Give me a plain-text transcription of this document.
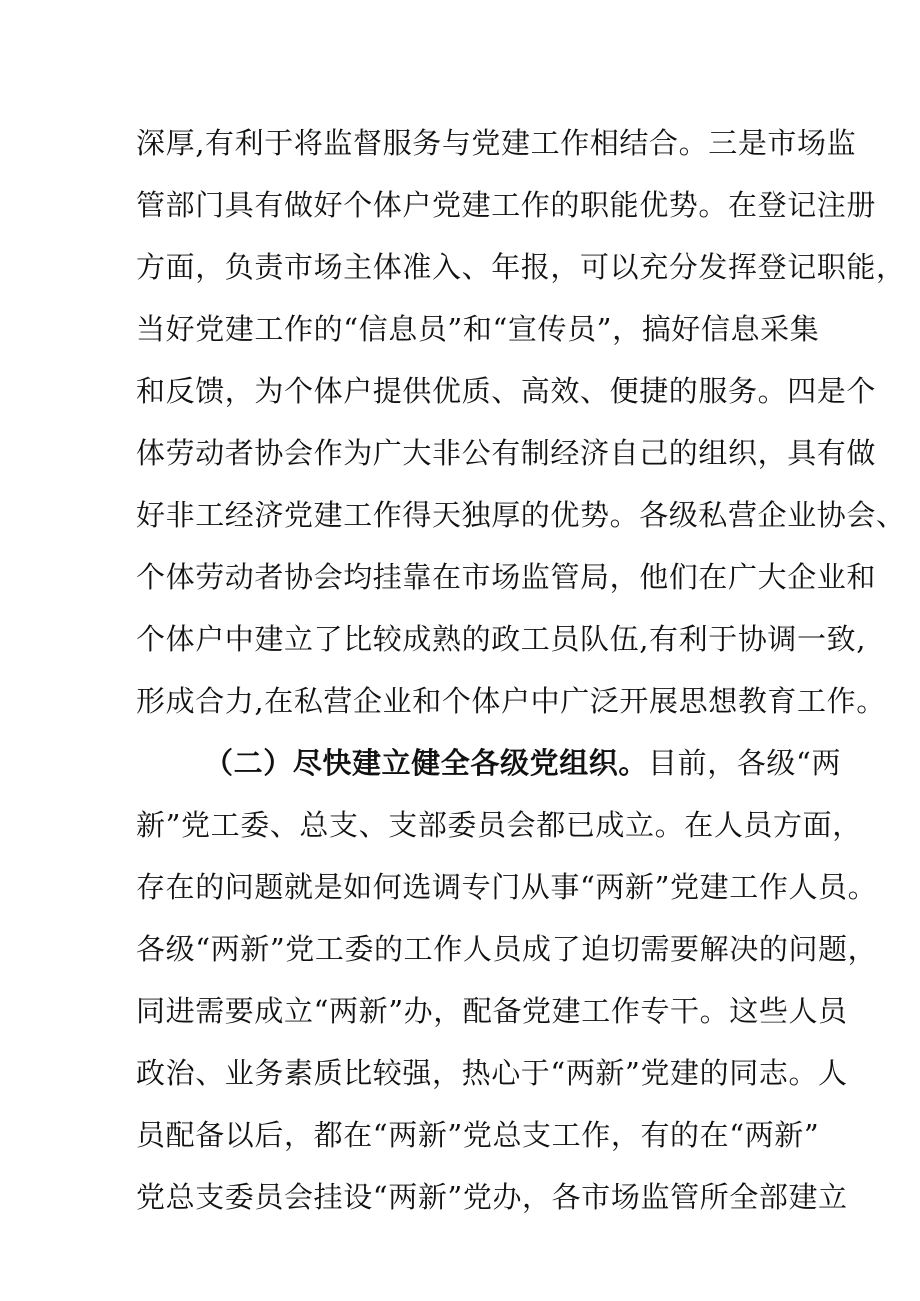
深厚,有利于将监督服务与党建工作相结合。三是市场监
管部门具有做好个体户党建工作的职能优势。在登记注册
方面，负责市场主体准入、年报，可以充分发挥登记职能，
当好党建工作的“信息员”和“宣传员”，搞好信息采集
和反馈，为个体户提供优质、高效、便捷的服务。四是个
体劳动者协会作为广大非公有制经济自己的组织，具有做
好非工经济党建工作得天独厚的优势。各级私营企业协会、
个体劳动者协会均挂靠在市场监管局，他们在广大企业和
个体户中建立了比较成熟的政工员队伍,有利于协调一致,
形成合力,在私营企业和个体户中广泛开展思想教育工作。
（二）尽快建立健全各级党组织。目前，各级“两
新”党工委、总支、支部委员会都已成立。在人员方面，
存在的问题就是如何选调专门从事“两新”党建工作人员。
各级“两新”党工委的工作人员成了迫切需要解决的问题，
同进需要成立“两新”办，配备党建工作专干。这些人员
政治、业务素质比较强，热心于“两新”党建的同志。人
员配备以后，都在“两新”党总支工作，有的在“两新”
党总支委员会挂设“两新”党办，各市场监管所全部建立
